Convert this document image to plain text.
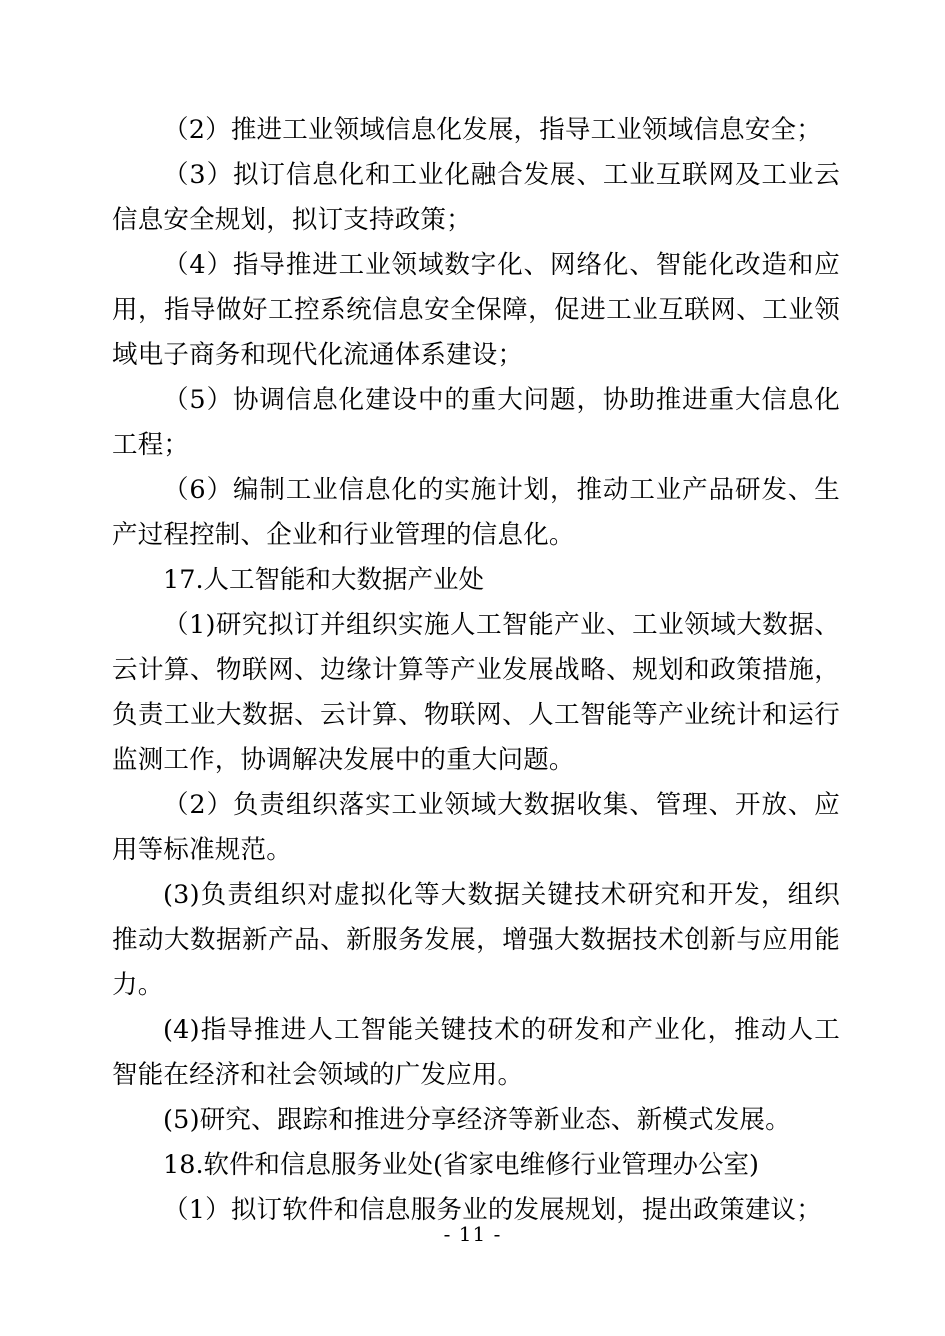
（2）推进工业领域信息化发展，指导工业领域信息安全；

（3）拟订信息化和工业化融合发展、工业互联网及工业云信息安全规划，拟订支持政策；

（4）指导推进工业领域数字化、网络化、智能化改造和应用，指导做好工控系统信息安全保障，促进工业互联网、工业领域电子商务和现代化流通体系建设；

（5）协调信息化建设中的重大问题，协助推进重大信息化工程；

（6）编制工业信息化的实施计划，推动工业产品研发、生产过程控制、企业和行业管理的信息化。

17.人工智能和大数据产业处

（1)研究拟订并组织实施人工智能产业、工业领域大数据、云计算、物联网、边缘计算等产业发展战略、规划和政策措施，负责工业大数据、云计算、物联网、人工智能等产业统计和运行监测工作，协调解决发展中的重大问题。

（2）负责组织落实工业领域大数据收集、管理、开放、应用等标准规范。

(3)负责组织对虚拟化等大数据关键技术研究和开发，组织推动大数据新产品、新服务发展，增强大数据技术创新与应用能力。

(4)指导推进人工智能关键技术的研发和产业化，推动人工智能在经济和社会领域的广发应用。

(5)研究、跟踪和推进分享经济等新业态、新模式发展。

18.软件和信息服务业处(省家电维修行业管理办公室)

（1）拟订软件和信息服务业的发展规划，提出政策建议；

- 11 -
